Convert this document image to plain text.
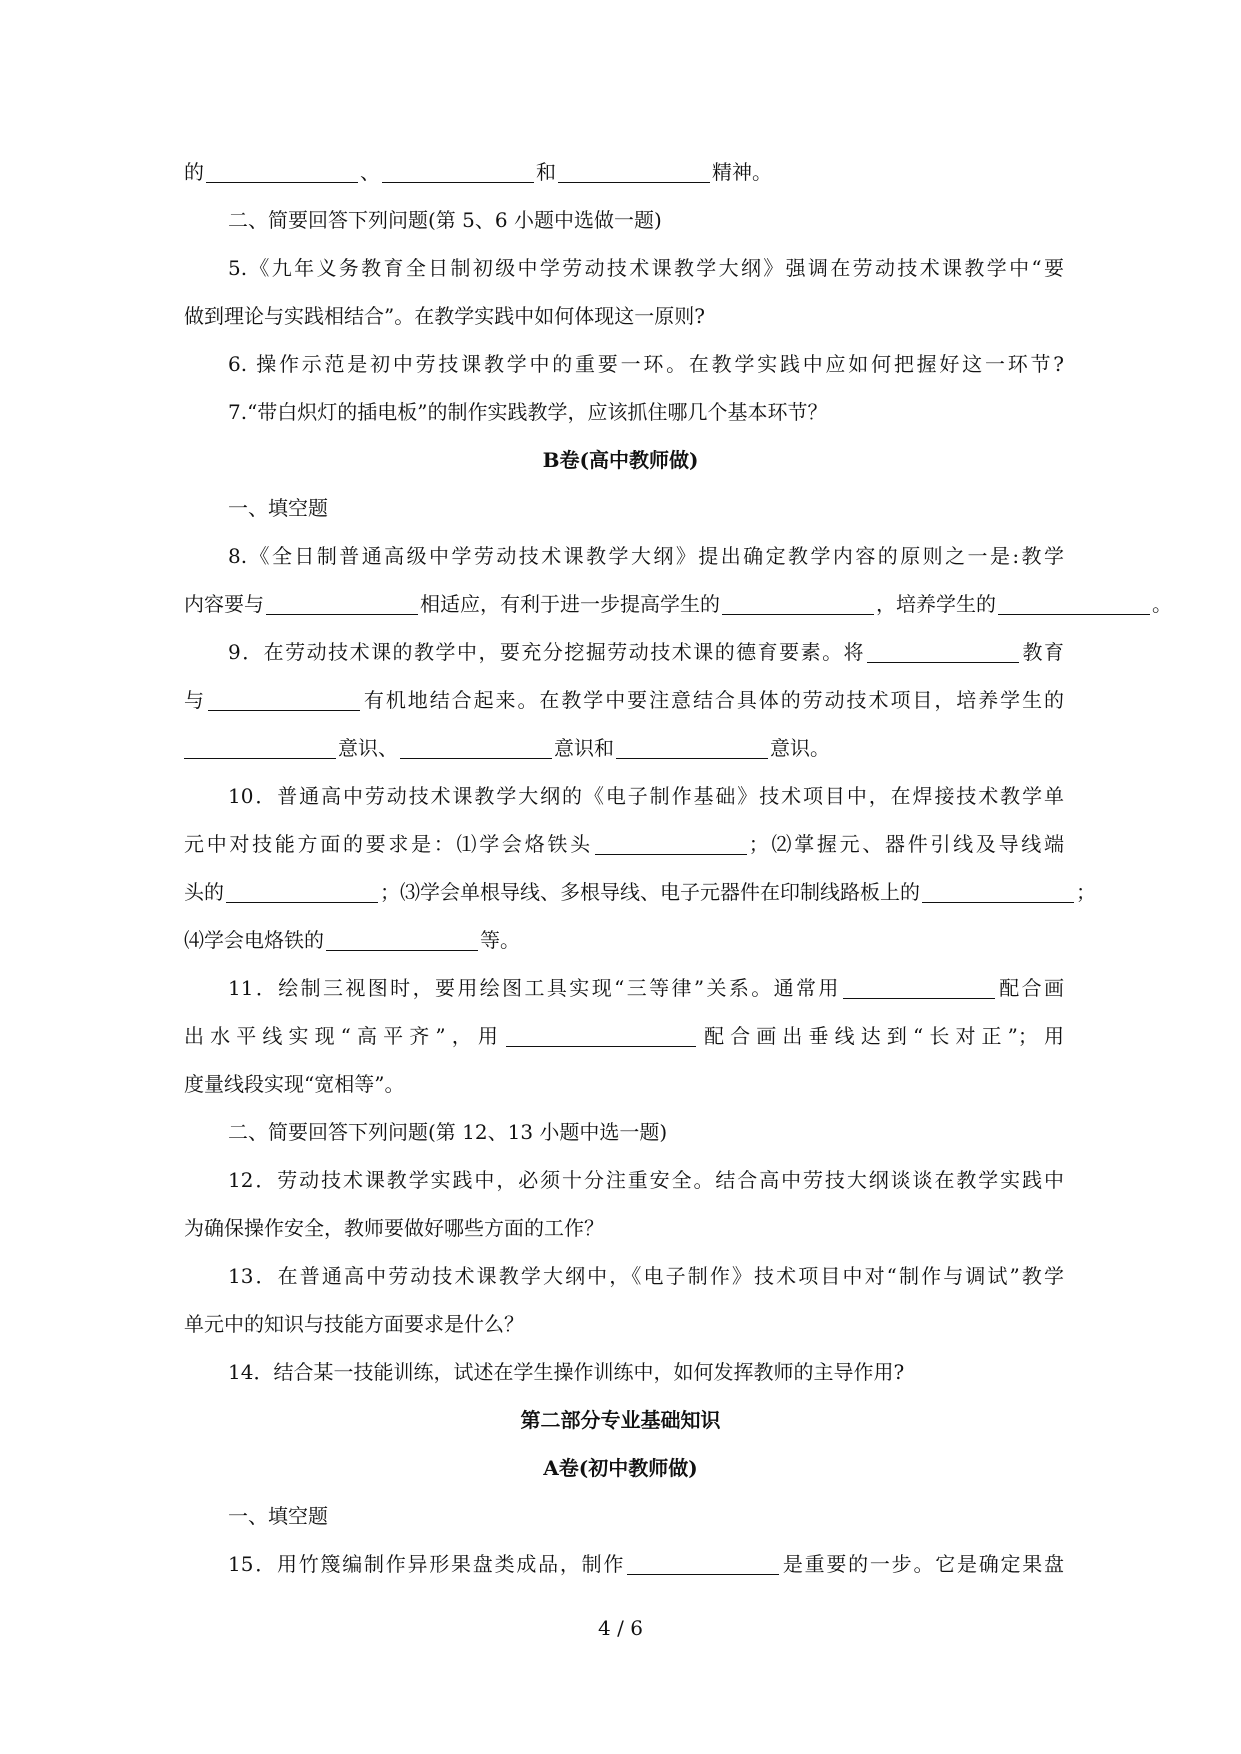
的	、	和	精神。
二、简要回答下列问题(第 5、6 小题中选做一题)
5.《九年义务教育全日制初级中学劳动技术课教学大纲》强调在劳动技术课教学中“要
做到理论与实践相结合”。在教学实践中如何体现这一原则?
6. 操作示范是初中劳技课教学中的重要一环。在教学实践中应如何把握好这一环节?
7.“带白炽灯的插电板”的制作实践教学，应该抓住哪几个基本环节？
B卷(高中教师做)
一、填空题
8.《全日制普通高级中学劳动技术课教学大纲》提出确定教学内容的原则之一是:教学
内容要与	相适应，有利于进一步提高学生的	，培养学生的	。
9．在劳动技术课的教学中，要充分挖掘劳动技术课的德育要素。将	教育
与	有机地结合起来。在教学中要注意结合具体的劳动技术项目，培养学生的
意识、	意识和	意识。
10．普通高中劳动技术课教学大纲的《电子制作基础》技术项目中，在焊接技术教学单
元中对技能方面的要求是：⑴学会烙铁头	；⑵掌握元、器件引线及导线端
头的	；⑶学会单根导线、多根导线、电子元器件在印制线路板上的	；
⑷学会电烙铁的	等。
11．绘制三视图时，要用绘图工具实现“三等律”关系。通常用	配合画
出水平线实现“高平齐”，用	配合画出垂线达到“长对正”；用
度量线段实现“宽相等”。
二、简要回答下列问题(第 12、13 小题中选一题)
12．劳动技术课教学实践中，必须十分注重安全。结合高中劳技大纲谈谈在教学实践中
为确保操作安全，教师要做好哪些方面的工作？
13．在普通高中劳动技术课教学大纲中，《电子制作》技术项目中对“制作与调试”教学
单元中的知识与技能方面要求是什么？
14．结合某一技能训练，试述在学生操作训练中，如何发挥教师的主导作用?
第二部分专业基础知识
A卷(初中教师做)
一、填空题
15．用竹篾编制作异形果盘类成品，制作	是重要的一步。它是确定果盘
4 / 6
